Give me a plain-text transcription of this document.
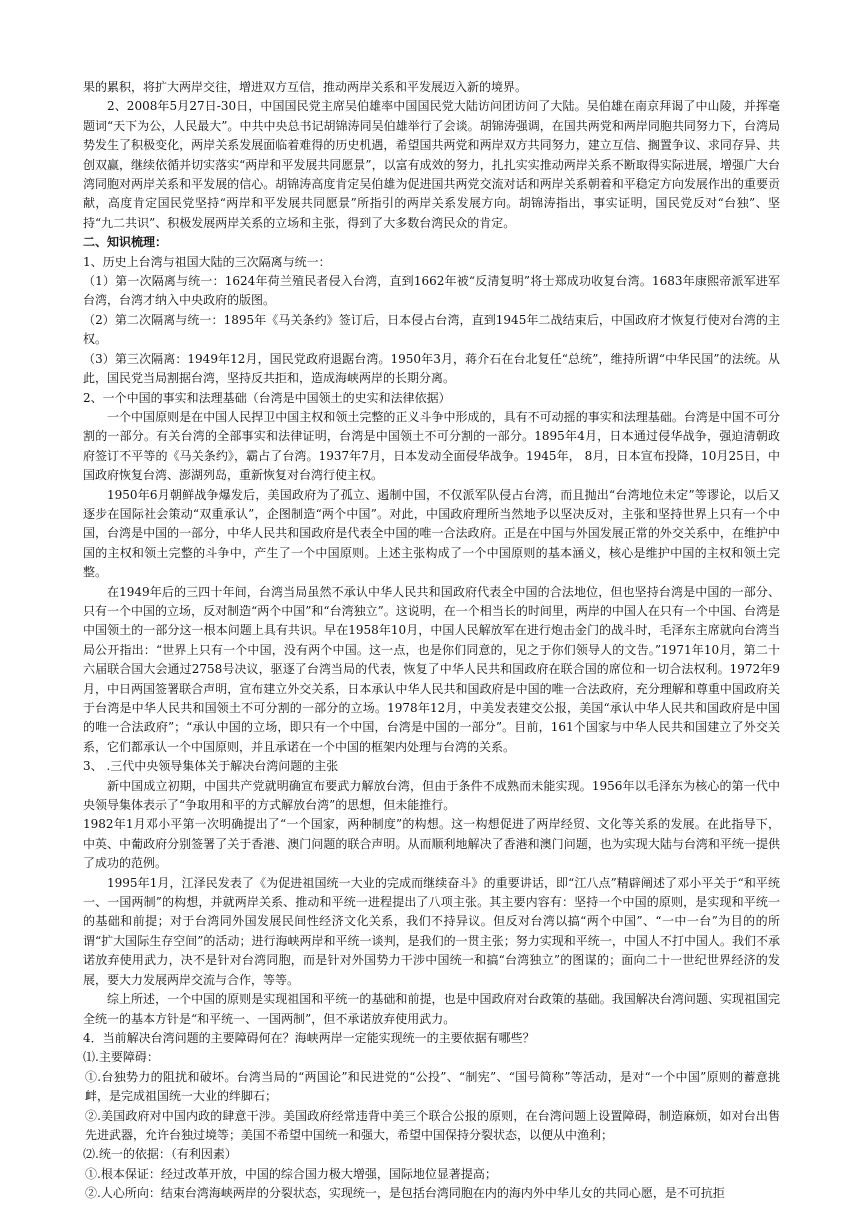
果的累积，将扩大两岸交往，增进双方互信，推动两岸关系和平发展迈入新的境界。

2、2008年5月27日-30日，中国国民党主席吴伯雄率中国国民党大陆访问团访问了大陆。吴伯雄在南京拜谒了中山陵，并挥毫题词“天下为公，人民最大”。中共中央总书记胡锦涛同吴伯雄举行了会谈。胡锦涛强调，在国共两党和两岸同胞共同努力下，台湾局势发生了积极变化，两岸关系发展面临着难得的历史机遇，希望国共两党和两岸双方共同努力，建立互信、搁置争议、求同存异、共创双赢，继续依循并切实落实“两岸和平发展共同愿景”，以富有成效的努力，扎扎实实推动两岸关系不断取得实际进展，增强广大台湾同胞对两岸关系和平发展的信心。胡锦涛高度肯定吴伯雄为促进国共两党交流对话和两岸关系朝着和平稳定方向发展作出的重要贡献，高度肯定国民党坚持“两岸和平发展共同愿景”所指引的两岸关系发展方向。胡锦涛指出，事实证明，国民党反对“台独”、坚持“九二共识”、积极发展两岸关系的立场和主张，得到了大多数台湾民众的肯定。

二、知识梳理：

1、历史上台湾与祖国大陆的三次隔离与统一：

（1）第一次隔离与统一：1624年荷兰殖民者侵入台湾，直到1662年被“反清复明”将士郑成功收复台湾。1683年康熙帝派军进军台湾，台湾才纳入中央政府的版图。

（2）第二次隔离与统一：1895年《马关条约》签订后，日本侵占台湾，直到1945年二战结束后，中国政府才恢复行使对台湾的主权。

（3）第三次隔离：1949年12月，国民党政府退踞台湾。1950年3月，蒋介石在台北复任“总统”，维持所谓“中华民国”的法统。从此，国民党当局割据台湾，坚持反共拒和，造成海峡两岸的长期分离。

2、一个中国的事实和法理基础（台湾是中国领土的史实和法律依据）

一个中国原则是在中国人民捍卫中国主权和领土完整的正义斗争中形成的，具有不可动摇的事实和法理基础。台湾是中国不可分割的一部分。有关台湾的全部事实和法律证明，台湾是中国领土不可分割的一部分。1895年4月，日本通过侵华战争，强迫清朝政府签订不平等的《马关条约》，霸占了台湾。1937年7月，日本发动全面侵华战争。1945年， 8月，日本宣布投降，10月25日，中国政府恢复台湾、澎湖列岛，重新恢复对台湾行使主权。

1950年6月朝鲜战争爆发后，美国政府为了孤立、遏制中国，不仅派军队侵占台湾，而且抛出“台湾地位未定”等谬论，以后又逐步在国际社会策动“双重承认”，企图制造“两个中国”。对此，中国政府理所当然地予以坚决反对，主张和坚持世界上只有一个中国，台湾是中国的一部分，中华人民共和国政府是代表全中国的唯一合法政府。正是在中国与外国发展正常的外交关系中，在维护中国的主权和领土完整的斗争中，产生了一个中国原则。上述主张构成了一个中国原则的基本涵义，核心是维护中国的主权和领土完整。

在1949年后的三四十年间，台湾当局虽然不承认中华人民共和国政府代表全中国的合法地位，但也坚持台湾是中国的一部分、只有一个中国的立场，反对制造“两个中国”和“台湾独立”。这说明，在一个相当长的时间里，两岸的中国人在只有一个中国、台湾是中国领土的一部分这一根本问题上具有共识。早在1958年10月，中国人民解放军在进行炮击金门的战斗时，毛泽东主席就向台湾当局公开指出：“世界上只有一个中国，没有两个中国。这一点，也是你们同意的，见之于你们领导人的文告。”1971年10月，第二十六届联合国大会通过2758号决议，驱逐了台湾当局的代表，恢复了中华人民共和国政府在联合国的席位和一切合法权利。1972年9月，中日两国签署联合声明，宣布建立外交关系，日本承认中华人民共和国政府是中国的唯一合法政府，充分理解和尊重中国政府关于台湾是中华人民共和国领土不可分割的一部分的立场。1978年12月，中美发表建交公报，美国“承认中华人民共和国政府是中国的唯一合法政府”；“承认中国的立场，即只有一个中国，台湾是中国的一部分”。目前，161个国家与中华人民共和国建立了外交关系，它们都承认一个中国原则，并且承诺在一个中国的框架内处理与台湾的关系。

3、 .三代中央领导集体关于解决台湾问题的主张

新中国成立初期，中国共产党就明确宣布要武力解放台湾，但由于条件不成熟而未能实现。1956年以毛泽东为核心的第一代中央领导集体表示了“争取用和平的方式解放台湾”的思想，但未能推行。

1982年1月邓小平第一次明确提出了“一个国家，两种制度”的构想。这一构想促进了两岸经贸、文化等关系的发展。在此指导下，中英、中葡政府分别签署了关于香港、澳门问题的联合声明。从而顺利地解决了香港和澳门问题，也为实现大陆与台湾和平统一提供了成功的范例。

1995年1月，江泽民发表了《为促进祖国统一大业的完成而继续奋斗》的重要讲话，即“江八点”精辟阐述了邓小平关于“和平统一、一国两制”的构想，并就两岸关系、推动和平统一进程提出了八项主张。其主要内容有：坚持一个中国的原则，是实现和平统一的基础和前提；对于台湾同外国发展民间性经济文化关系，我们不持异议。但反对台湾以搞“两个中国”、“一中一台”为目的的所谓“扩大国际生存空间”的活动；进行海峡两岸和平统一谈判，是我们的一贯主张；努力实现和平统一，中国人不打中国人。我们不承诺放弃使用武力，决不是针对台湾同胞，而是针对外国势力干涉中国统一和搞“台湾独立”的图谋的；面向二十一世纪世界经济的发展，要大力发展两岸交流与合作，等等。

综上所述，一个中国的原则是实现祖国和平统一的基础和前提，也是中国政府对台政策的基础。我国解决台湾问题、实现祖国完全统一的基本方针是“和平统一、一国两制”，但不承诺放弃使用武力。

4．当前解决台湾问题的主要障碍何在？海峡两岸一定能实现统一的主要依据有哪些？

⑴.主要障碍：

①.台独势力的阻扰和破坏。台湾当局的“两国论”和民进党的“公投”、“制宪”、“国号简称”等活动，是对“一个中国”原则的蓄意挑衅，是完成祖国统一大业的绊脚石；

②.美国政府对中国内政的肆意干涉。美国政府经常违背中美三个联合公报的原则，在台湾问题上设置障碍，制造麻烦，如对台出售先进武器，允许台独过境等；美国不希望中国统一和强大，希望中国保持分裂状态，以便从中渔利；

⑵.统一的依据：（有利因素）

①.根本保证：经过改革开放，中国的综合国力极大增强，国际地位显著提高；

②.人心所向：结束台湾海峡两岸的分裂状态，实现统一，是包括台湾同胞在内的海内外中华儿女的共同心愿，是不可抗拒
